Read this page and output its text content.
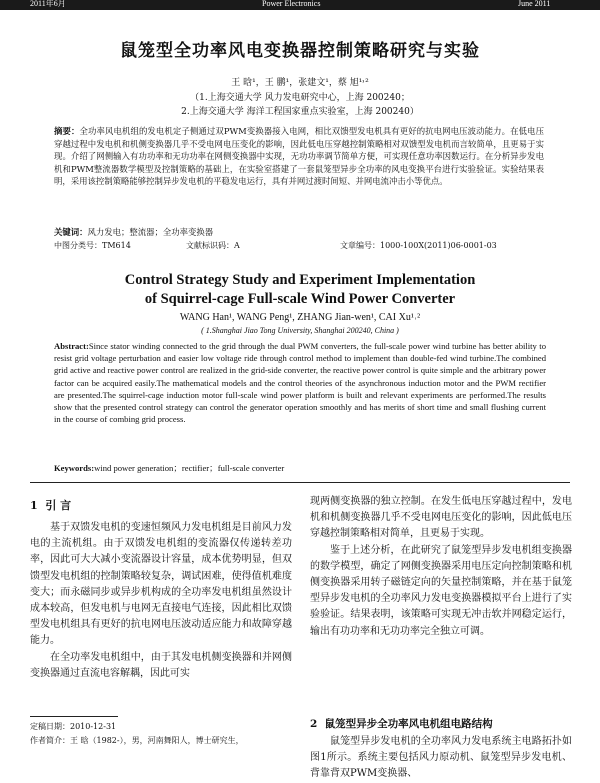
2011年6月	Power Electronics	June 2011
鼠笼型全功率风电变换器控制策略研究与实验
王 晗¹，王 鹏¹，张建文¹，蔡 旭¹˒²
（1.上海交通大学 风力发电研究中心，上海 200240；
2.上海交通大学 海洋工程国家重点实验室，上海 200240）
摘要：全功率风电机组的发电机定子侧通过双PWM变换器接入电网，相比双馈型发电机具有更好的抗电网电压波动能力。在低电压穿越过程中发电机和机侧变换器几乎不受电网电压变化的影响，因此低电压穿越控制策略相对双馈型发电机而言较简单，且更易于实现。介绍了网侧输入有功功率和无功功率在网侧变换器中实现，无功功率调节简单方便，可实现任意功率因数运行。在分析异步发电机和PWM整流器数学模型及控制策略的基础上，在实验室搭建了一套鼠笼型异步全功率的风电变换平台进行实验验证。实验结果表明，采用该控制策略能够控制异步发电机的平稳发电运行，具有并网过渡时间短、并网电流冲击小等优点。
关键词：风力发电；整流器；全功率变换器
中图分类号：TM614	文献标识码：A	文章编号：1000-100X(2011)06-0001-03
Control Strategy Study and Experiment Implementation
of Squirrel-cage Full-scale Wind Power Converter
WANG Han¹, WANG Peng¹, ZHANG Jian-wen¹, CAI Xu¹˒²
( 1.Shanghai Jiao Tong University, Shanghai 200240, China )
Abstract:Since stator winding connected to the grid through the dual PWM converters, the full-scale power wind turbine has better ability to resist grid voltage perturbation and easier low voltage ride through control method to implement than double-fed wind turbine.The combined grid active and reactive power control are realized in the grid-side converter, the reactive power control is quite simple and the arbitrary power factor can be acquired easily.The mathematical models and the control theories of the asynchronous induction motor and the PWM rectifier are presented.The squirrel-cage induction motor full-scale wind power platform is built and relevant experiments are performed.The results show that the presented control strategy can control the generator operation smoothly and has merits of short time and small flushing current in the course of combing grid process.
Keywords:wind power generation；rectifier；full-scale converter
1 引 言

基于双馈发电机的变速恒频风力发电机组是目前风力发电的主流机组。由于双馈发电机组的变流器仅传递转差功率，因此可大大减小变流器设计容量，成本优势明显，但双馈型发电机组的控制策略较复杂，调试困难，使得值机难度变大；而永磁同步或异步机构成的全功率发电机组虽然设计成本较高，但发电机与电网无直接电气连接，因此相比双馈型发电机组具有更好的抗电网电压波动适应能力和故障穿越能力。

在全功率发电机组中，由于其发电机侧变换器和并网侧变换器通过直流电容解耦，因此可实

现两侧变换器的独立控制。在发生低电压穿越过程中，发电机和机侧变换器几乎不受电网电压变化的影响，因此低电压穿越控制策略相对简单，且更易于实现。

鉴于上述分析，在此研究了鼠笼型异步发电机组变换器的数学模型，确定了网侧变换器采用电压定向控制策略和机侧变换器采用转子磁链定向的矢量控制策略，并在基于鼠笼型异步发电机的全功率风力发电变换器模拟平台上进行了实验验证。结果表明，该策略可实现无冲击软并网稳定运行，输出有功功率和无功功率完全独立可调。

2 鼠笼型异步全功率风电机组电路结构

鼠笼型异步发电机的全功率风力发电系统主电路拓扑如图1所示。系统主要包括风力原动机、鼠笼型异步发电机、背靠背双PWM变换器、

定稿日期：2010-12-31
作者简介：王 晗（1982-），男，河南舞阳人，博士研究生，
